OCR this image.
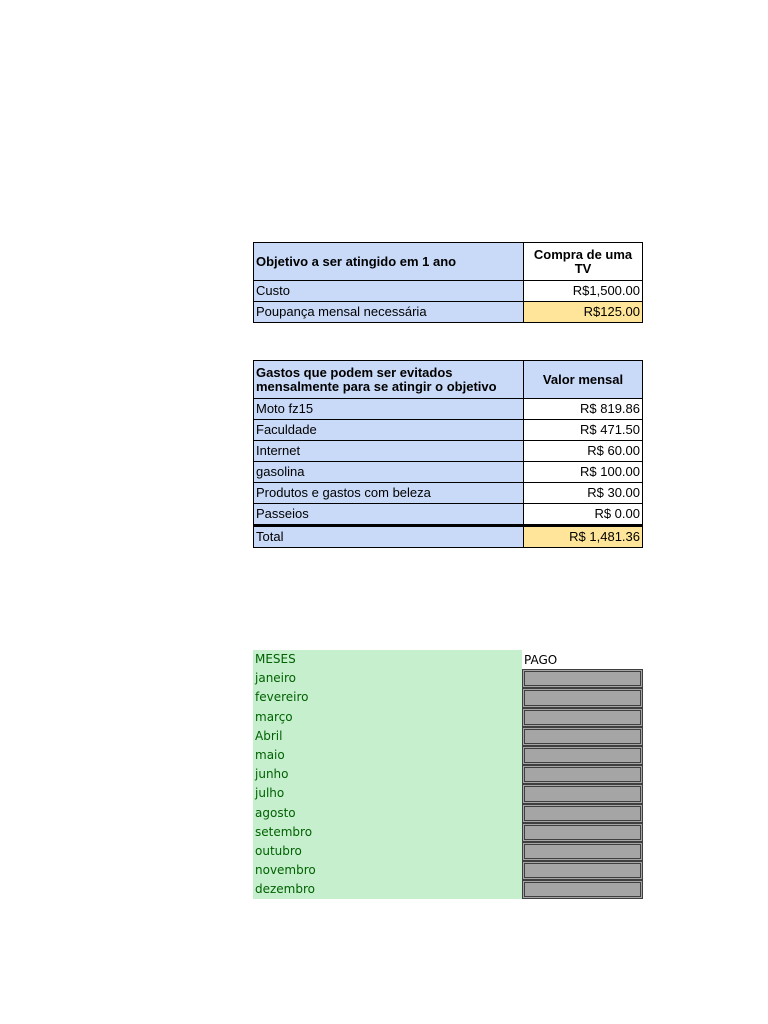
Objetivo a ser atingido em 1 ano	Compra de uma TV
Custo	R$1,500.00
Poupança mensal necessária	R$125.00
Gastos que podem ser evitados mensalmente para se atingir o objetivo	Valor mensal
Moto fz15	R$ 819.86
Faculdade	R$ 471.50
Internet	R$ 60.00
gasolina	R$ 100.00
Produtos e gastos com beleza	R$ 30.00
Passeios	R$ 0.00
Total	R$ 1,481.36
MESES	PAGO
janeiro
fevereiro
março
Abril
maio
junho
julho
agosto
setembro
outubro
novembro
dezembro
